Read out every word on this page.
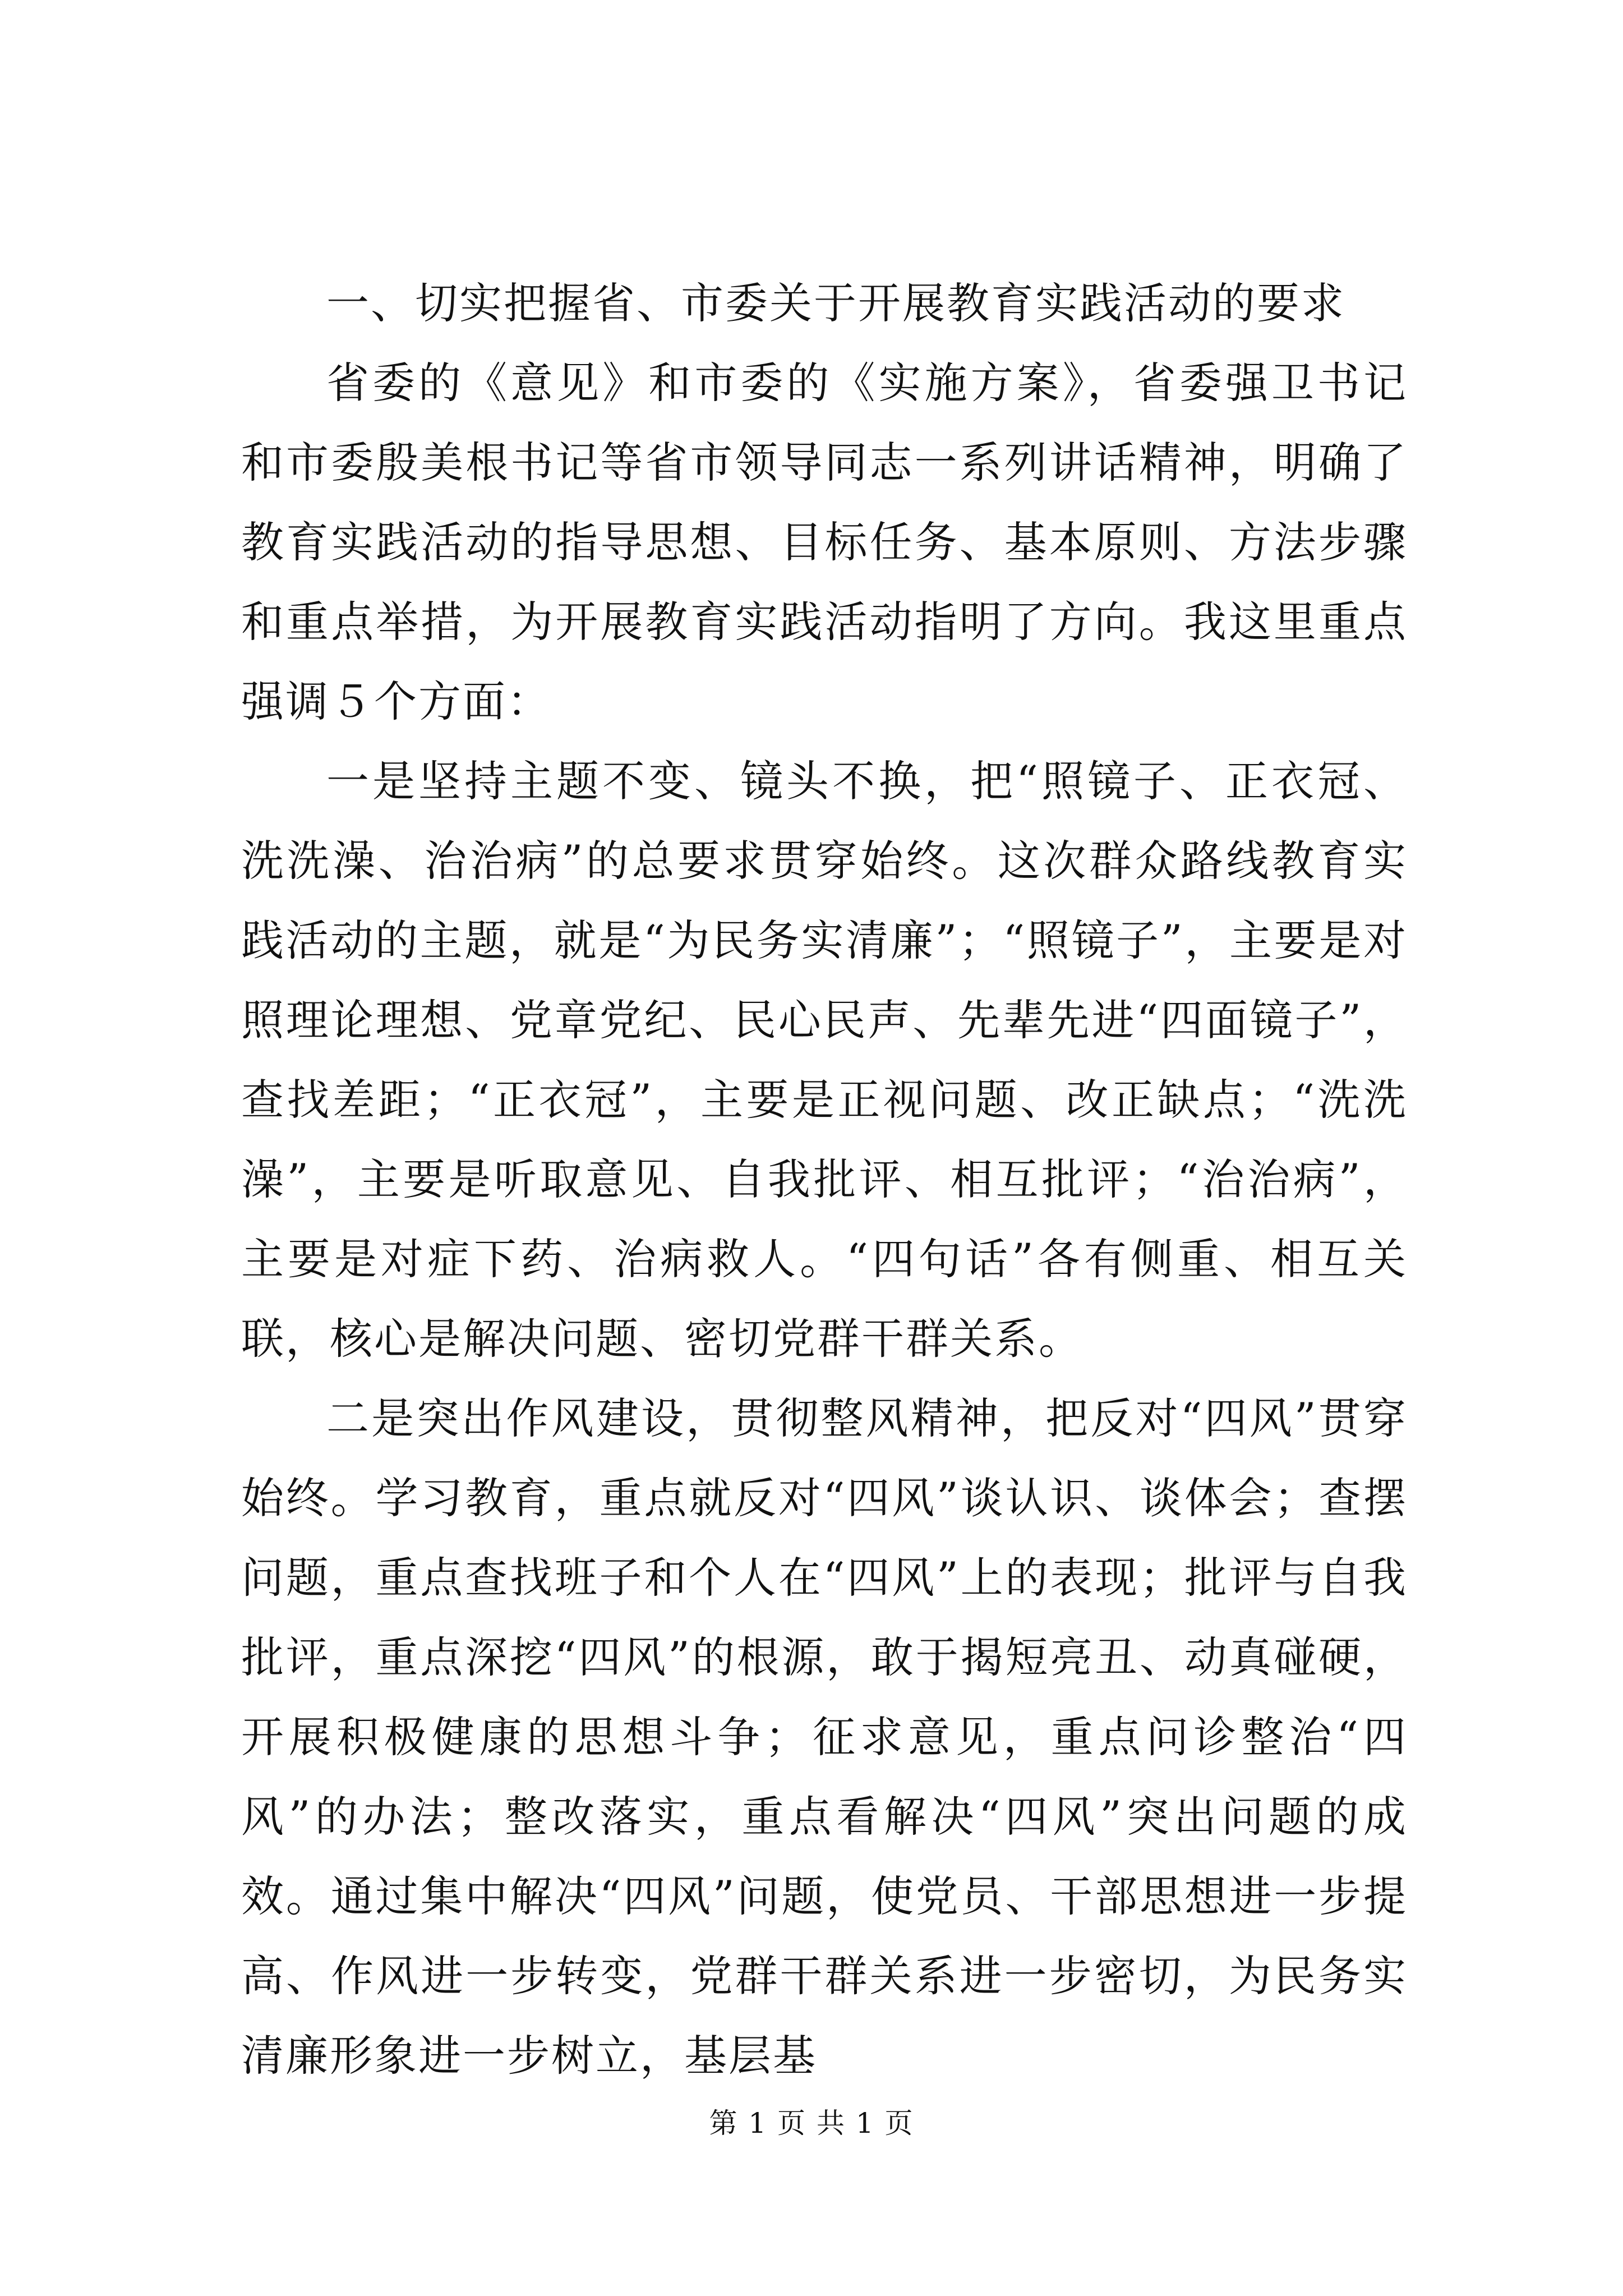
一、切实把握省、市委关于开展教育实践活动的要求

省委的《意见》和市委的《实施方案》，省委强卫书记和市委殷美根书记等省市领导同志一系列讲话精神，明确了教育实践活动的指导思想、目标任务、基本原则、方法步骤和重点举措，为开展教育实践活动指明了方向。我这里重点强调５个方面：

一是坚持主题不变、镜头不换，把“照镜子、正衣冠、洗洗澡、治治病”的总要求贯穿始终。这次群众路线教育实践活动的主题，就是“为民务实清廉”；“照镜子”，主要是对照理论理想、党章党纪、民心民声、先辈先进“四面镜子”，查找差距；“正衣冠”，主要是正视问题、改正缺点；“洗洗澡”，主要是听取意见、自我批评、相互批评；“治治病”，主要是对症下药、治病救人。“四句话”各有侧重、相互关联，核心是解决问题、密切党群干群关系。

二是突出作风建设，贯彻整风精神，把反对“四风”贯穿始终。学习教育，重点就反对“四风”谈认识、谈体会；查摆问题，重点查找班子和个人在“四风”上的表现；批评与自我批评，重点深挖“四风”的根源，敢于揭短亮丑、动真碰硬，开展积极健康的思想斗争；征求意见，重点问诊整治“四风”的办法；整改落实，重点看解决“四风”突出问题的成效。通过集中解决“四风”问题，使党员、干部思想进一步提高、作风进一步转变，党群干群关系进一步密切，为民务实清廉形象进一步树立，基层基

第 1 页 共 1 页
